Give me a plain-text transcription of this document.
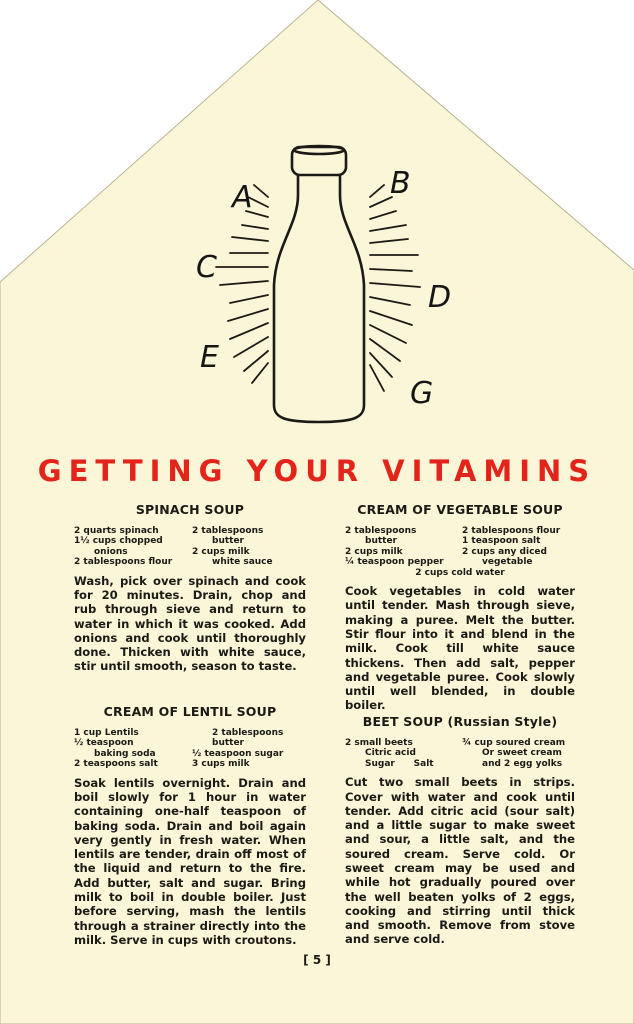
A	B
C
D
E
G
GETTING YOUR VITAMINS
SPINACH SOUP
2 quarts spinach	2 tablespoons
1½ cups chopped	butter
onions	2 cups milk
2 tablespoons flour	white sauce

Wash, pick over spinach and cook for 20 minutes. Drain, chop and rub through sieve and return to water in which it was cooked. Add onions and cook until thoroughly done. Thicken with white sauce, stir until smooth, season to taste.

CREAM OF LENTIL SOUP
1 cup Lentils	2 tablespoons
½ teaspoon	butter
baking soda	½ teaspoon sugar
2 teaspoons salt	3 cups milk

Soak lentils overnight. Drain and boil slowly for 1 hour in water containing one-half teaspoon of baking soda. Drain and boil again very gently in fresh water. When lentils are tender, drain off most of the liquid and return to the fire. Add butter, salt and sugar. Bring milk to boil in double boiler. Just before serving, mash the lentils through a strainer directly into the milk. Serve in cups with croutons.

CREAM OF VEGETABLE SOUP
2 tablespoons	2 tablespoons flour
butter	1 teaspoon salt
2 cups milk	2 cups any diced
¼ teaspoon pepper	vegetable
2 cups cold water

Cook vegetables in cold water until tender. Mash through sieve, making a puree. Melt the butter. Stir flour into it and blend in the milk. Cook till white sauce thickens. Then add salt, pepper and vegetable puree. Cook slowly until well blended, in double boiler.

BEET SOUP (Russian Style)
2 small beets	¾ cup soured cream
Citric acid	Or sweet cream
Sugar      Salt	and 2 egg yolks

Cut two small beets in strips. Cover with water and cook until tender. Add citric acid (sour salt) and a little sugar to make sweet and sour, a little salt, and the soured cream. Serve cold. Or sweet cream may be used and while hot gradually poured over the well beaten yolks of 2 eggs, cooking and stirring until thick and smooth. Remove from stove and serve cold.

[ 5 ]
